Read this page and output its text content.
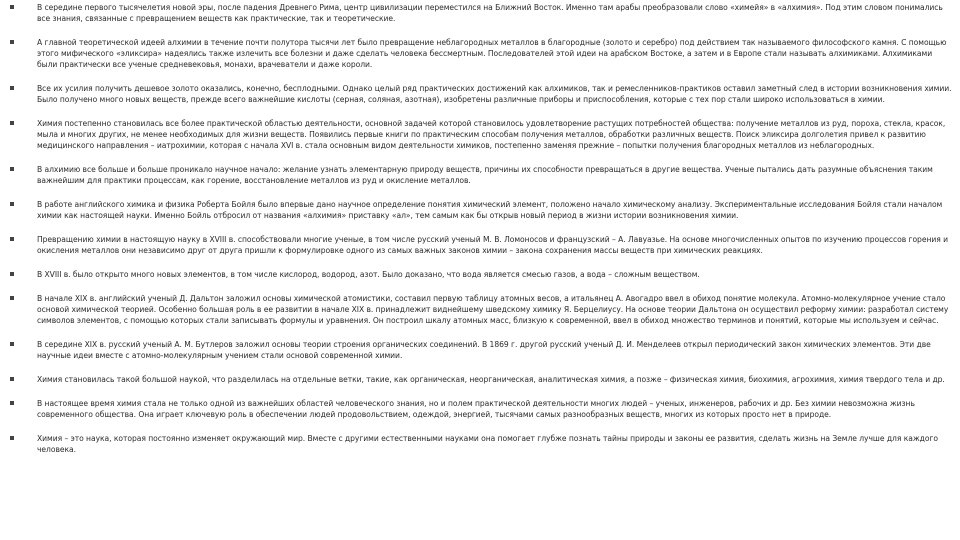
В середине первого тысячелетия новой эры, после падения Древнего Рима, центр цивилизации переместился на Ближний Восток. Именно там арабы преобразовали слово «химейя» в «алхимия». Под этим словом понимались все знания, связанные с превращением веществ как практические, так и теоретические.
А главной теоретической идеей алхимии в течение почти полутора тысячи лет было превращение неблагородных металлов в благородные (золото и серебро) под действием так называемого философского камня. С помощью этого мифического «эликсира» надеялись также излечить все болезни и даже сделать человека бессмертным. Последователей этой идеи на арабском Востоке, а затем и в Европе стали называть алхимиками. Алхимиками были практически все ученые средневековья, монахи, врачеватели и даже короли.
Все их усилия получить дешевое золото оказались, конечно, бесплодными. Однако целый ряд практических достижений как алхимиков, так и ремесленников-практиков оставил заметный след в истории возникновения химии. Было получено много новых веществ, прежде всего важнейшие кислоты (серная, соляная, азотная), изобретены различные приборы и приспособления, которые с тех пор стали широко использоваться в химии.
Химия постепенно становилась все более практической областью деятельности, основной задачей которой становилось удовлетворение растущих потребностей общества: получение металлов из руд, пороха, стекла, красок, мыла и многих других, не менее необходимых для жизни веществ. Появились первые книги по практическим способам получения металлов, обработки различных веществ. Поиск эликсира долголетия привел к развитию медицинского направления – иатрохимии, которая с начала XVI в. стала основным видом деятельности химиков, постепенно заменяя прежние – попытки получения благородных металлов из неблагородных.
В алхимию все больше и больше проникало научное начало: желание узнать элементарную природу веществ, причины их способности превращаться в другие вещества. Ученые пытались дать разумные объяснения таким важнейшим для практики процессам, как горение, восстановление металлов из руд и окисление металлов.
В работе английского химика и физика Роберта Бойля было впервые дано научное определение понятия химический элемент, положено начало химическому анализу. Экспериментальные исследования Бойля стали началом химии как настоящей науки. Именно Бойль отбросил от названия «алхимия» приставку «ал», тем самым как бы открыв новый период в жизни истории возникновения химии.
Превращению химии в настоящую науку в XVIII в. способствовали многие ученые, в том числе русский ученый М. В. Ломоносов и французский – А. Лавуазье. На основе многочисленных опытов по изучению процессов горения и окисления металлов они независимо друг от друга пришли к формулировке одного из самых важных законов химии – закона сохранения массы веществ при химических реакциях.
В XVIII в. было открыто много новых элементов, в том числе кислород, водород, азот. Было доказано, что вода является смесью газов, а вода – сложным веществом.
В начале XIX в. английский ученый Д. Дальтон заложил основы химической атомистики, составил первую таблицу атомных весов, а итальянец А. Авогадро ввел в обиход понятие молекула. Атомно-молекулярное учение стало основой химической теорией. Особенно большая роль в ее развитии в начале XIX в. принадлежит виднейшему шведскому химику Я. Берцелиусу. На основе теории Дальтона он осуществил реформу химии: разработал систему символов элементов, с помощью которых стали записывать формулы и уравнения. Он построил шкалу атомных масс, близкую к современной, ввел в обиход множество терминов и понятий, которые мы используем и сейчас.
В середине XIX в. русский ученый А. М. Бутлеров заложил основы теории строения органических соединений. В 1869 г. другой русский ученый Д. И. Менделеев открыл периодический закон химических элементов. Эти две научные идеи вместе с атомно-молекулярным учением стали основой современной химии.
Химия становилась такой большой наукой, что разделилась на отдельные ветки, такие, как органическая, неорганическая, аналитическая химия, а позже – физическая химия, биохимия, агрохимия, химия твердого тела и др.
В настоящее время химия стала не только одной из важнейших областей человеческого знания, но и полем практической деятельности многих людей – ученых, инженеров, рабочих и др. Без химии невозможна жизнь современного общества. Она играет ключевую роль в обеспечении людей продовольствием, одеждой, энергией, тысячами самых разнообразных веществ, многих из которых просто нет в природе.
Химия – это наука, которая постоянно изменяет окружающий мир. Вместе с другими естественными науками она помогает глубже познать тайны природы и законы ее развития, сделать жизнь на Земле лучше для каждого человека.
